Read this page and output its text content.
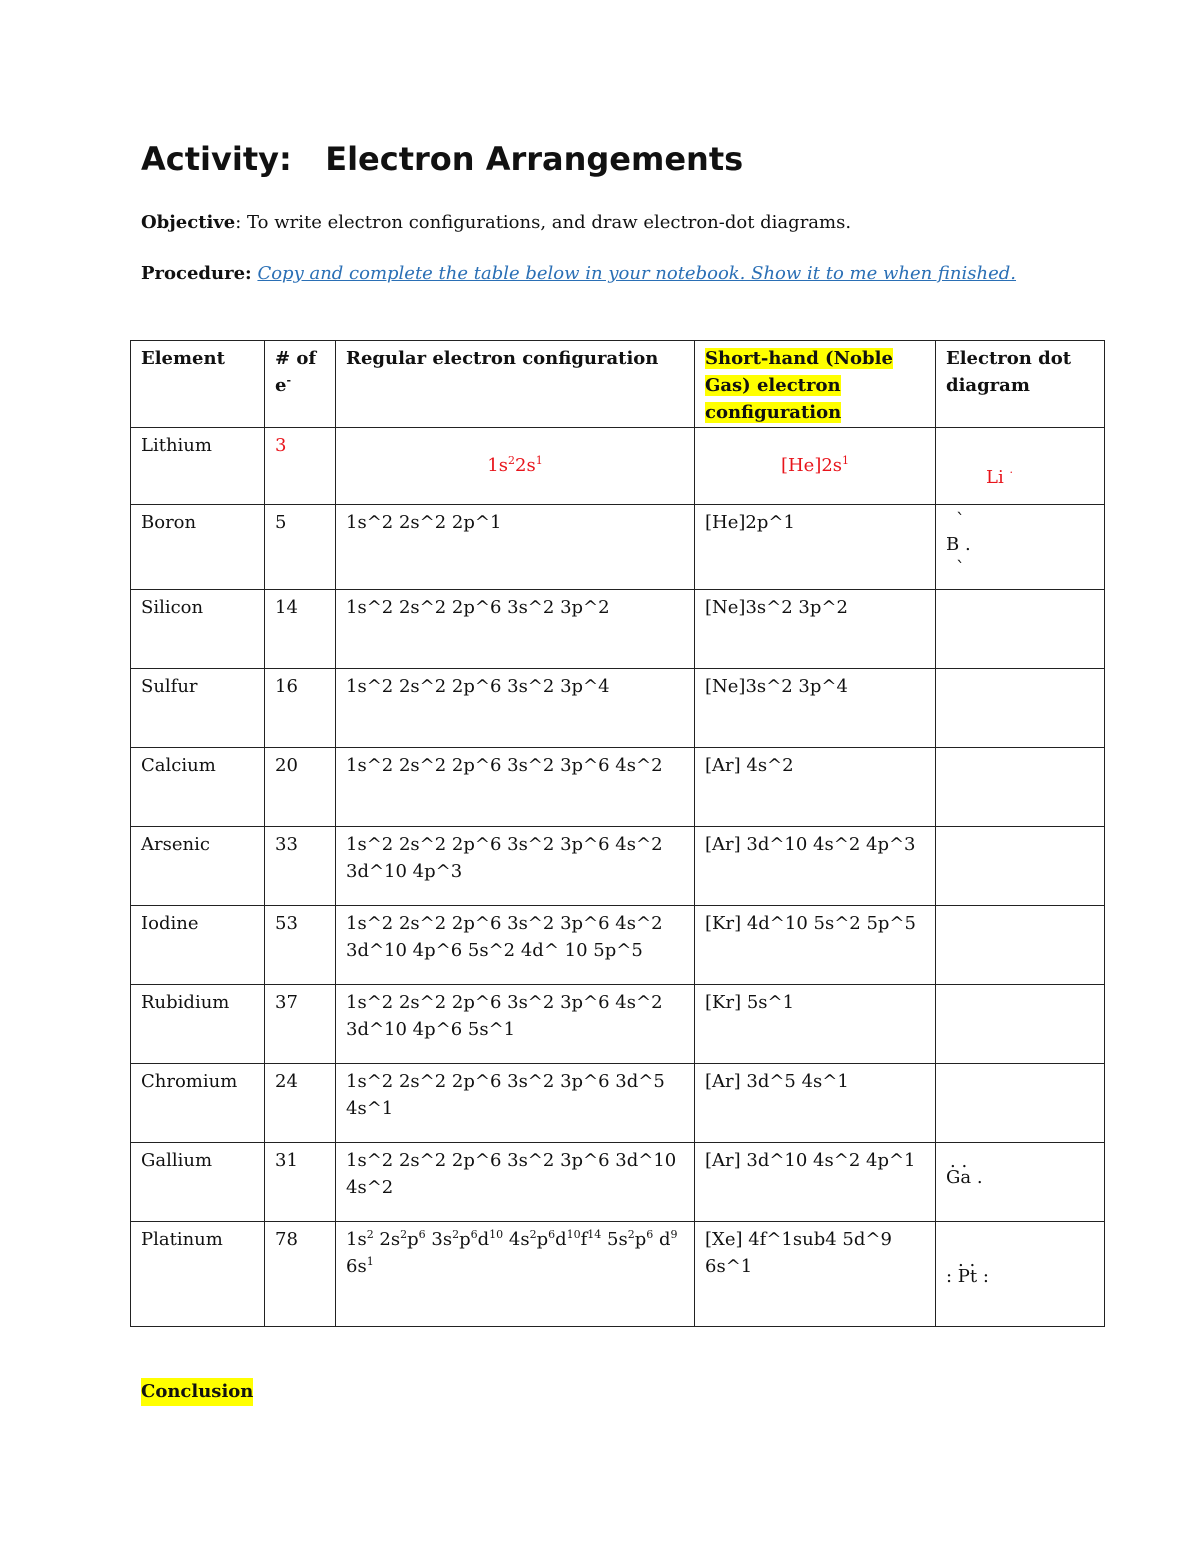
Activity:   Electron Arrangements

Objective: To write electron configurations, and draw electron-dot diagrams.

Procedure: Copy and complete the table below in your notebook. Show it to me when finished.

Element	# of e-	Regular electron configuration	Short-hand (Noble Gas) electron configuration	Electron dot diagram
Lithium	3	$1s^22s^1$	$[He]2s^1$	Li ·
Boron	5	1s^2 2s^2 2p^1	[He]2p^1	`
B .
`

Silicon	14	1s^2 2s^2 2p^6 3s^2 3p^2	[Ne]3s^2 3p^2	
Sulfur	16	1s^2 2s^2 2p^6 3s^2 3p^4	[Ne]3s^2 3p^4	
Calcium	20	1s^2 2s^2 2p^6 3s^2 3p^6 4s^2	[Ar] 4s^2	
Arsenic	33	1s^2 2s^2 2p^6 3s^2 3p^6 4s^2 3d^10 4p^3	[Ar] 3d^10 4s^2 4p^3	
Iodine	53	1s^2 2s^2 2p^6 3s^2 3p^6 4s^2 3d^10 4p^6 5s^2 4d^ 10 5p^5	[Kr] 4d^10 5s^2 5p^5	
Rubidium	37	1s^2 2s^2 2p^6 3s^2 3p^6 4s^2 3d^10 4p^6 5s^1	[Kr] 5s^1	
Chromium	24	1s^2 2s^2 2p^6 3s^2 3p^6 3d^5 4s^1	[Ar] 3d^5 4s^1	
Gallium	31	1s^2 2s^2 2p^6 3s^2 3p^6 3d^10 4s^2	[Ar] 3d^10 4s^2 4p^1	. .
Ga .

Platinum	78	$1s^2$ $2s^2p^6$ $3s^2p^6d^{10}$ $4s^2p^6d^{10}f^{14}$ $5s^2p^6$ $d^9$ $6s^1$	[Xe] 4f^1sub4 5d^9 6s^1	. .
: Pt :

Conclusion
